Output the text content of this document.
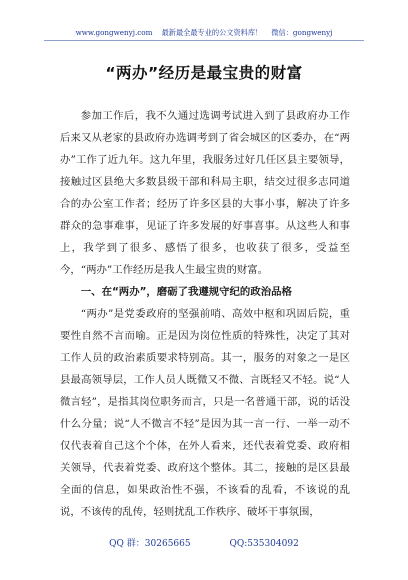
www.gongwenyj.com 最新最全最专业的公文资料库！ 微信：gongwenyj
“两办”经历是最宝贵的财富

参加工作后，我不久通过选调考试进入到了县政府办工作后来又从老家的县政府办选调考到了省会城区的区委办，在“两办”工作了近九年。这九年里，我服务过好几任区县主要领导，接触过区县绝大多数县级干部和科局主职，结交过很多志同道合的办公室工作者；经历了许多区县的大事小事，解决了许多群众的急事难事，见证了许多发展的好事喜事。从这些人和事上，我学到了很多、感悟了很多，也收获了很多，受益至今，“两办”工作经历是我人生最宝贵的财富。

一、在“两办”，磨砺了我遵规守纪的政治品格

“两办”是党委政府的坚强前哨、高效中枢和巩固后院，重要性自然不言而喻。正是因为岗位性质的特殊性，决定了其对工作人员的政治素质要求特别高。其一，服务的对象之一是区县最高领导层，工作人员人既微又不微、言既轻又不轻。说“人微言轻”，是指其岗位职务而言，只是一名普通干部，说的话没什么分量；说“人不微言不轻”是因为其一言一行、一举一动不仅代表着自己这个个体，在外人看来，还代表着党委、政府相关领导，代表着党委、政府这个整体。其二，接触的是区县最全面的信息，如果政治性不强，不该看的乱看，不该说的乱说，不该传的乱传，轻则扰乱工作秩序、破坏干事氛围，

QQ 群：30265665	QQ:535304092
